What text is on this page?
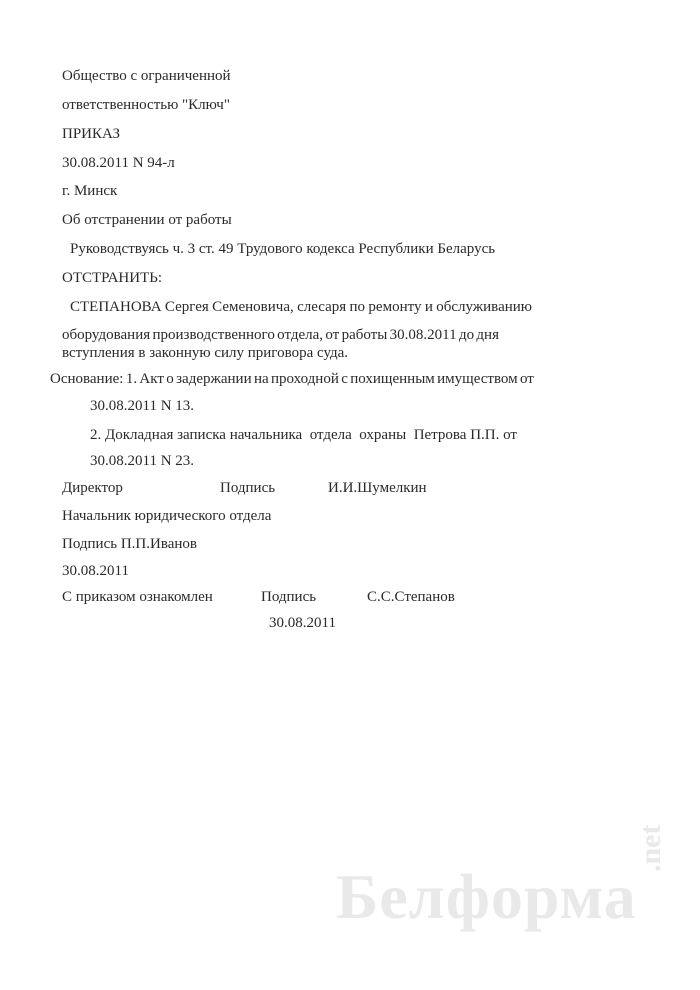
Общество с ограниченной
ответственностью "Ключ"
ПРИКАЗ
30.08.2011 N 94-л
г. Минск
Об отстранении от работы
Руководствуясь ч. 3 ст. 49 Трудового кодекса Республики Беларусь
ОТСТРАНИТЬ:
СТЕПАНОВА Сергея Семеновича, слесаря по ремонту и обслуживанию
оборудования производственного отдела, от работы 30.08.2011 до дня
вступления в законную силу приговора суда.
Основание: 1. Акт о задержании на проходной с похищенным имуществом от
30.08.2011 N 13.
2. Докладная записка начальника  отдела  охраны  Петрова П.П. от
30.08.2011 N 23.
Директор	Подпись	И.И.Шумелкин
Начальник юридического отдела
Подпись П.П.Иванов
30.08.2011
С приказом ознакомлен	Подпись	С.С.Степанов
30.08.2011
Белформа
.net
